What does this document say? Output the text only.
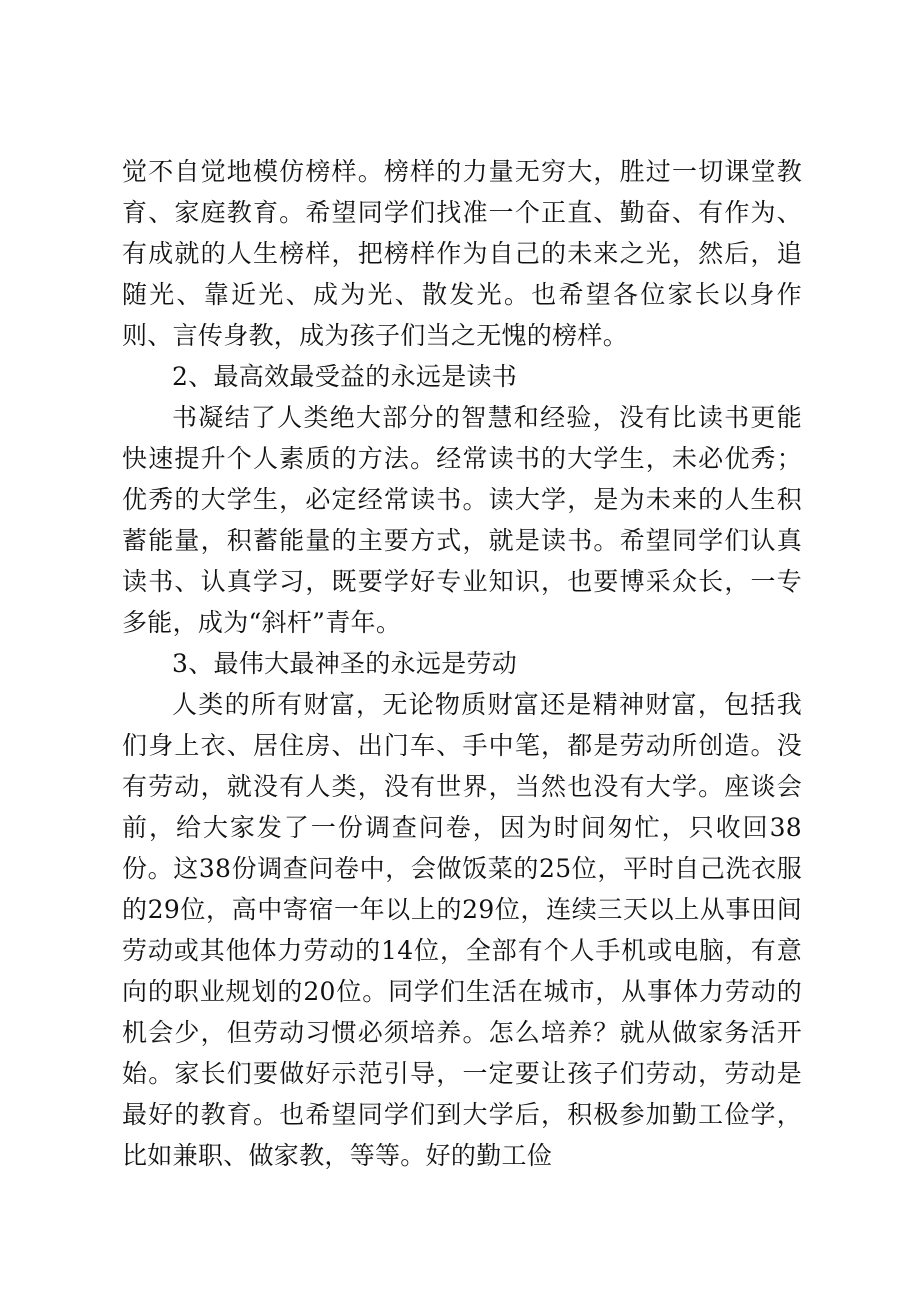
觉不自觉地模仿榜样。榜样的力量无穷大，胜过一切课堂教育、家庭教育。希望同学们找准一个正直、勤奋、有作为、有成就的人生榜样，把榜样作为自己的未来之光，然后，追随光、靠近光、成为光、散发光。也希望各位家长以身作则、言传身教，成为孩子们当之无愧的榜样。

2、最高效最受益的永远是读书

书凝结了人类绝大部分的智慧和经验，没有比读书更能快速提升个人素质的方法。经常读书的大学生，未必优秀；优秀的大学生，必定经常读书。读大学，是为未来的人生积蓄能量，积蓄能量的主要方式，就是读书。希望同学们认真读书、认真学习，既要学好专业知识，也要博采众长，一专多能，成为“斜杆”青年。

3、最伟大最神圣的永远是劳动

人类的所有财富，无论物质财富还是精神财富，包括我们身上衣、居住房、出门车、手中笔，都是劳动所创造。没有劳动，就没有人类，没有世界，当然也没有大学。座谈会前，给大家发了一份调查问卷，因为时间匆忙，只收回38份。这38份调查问卷中，会做饭菜的25位，平时自己洗衣服的29位，高中寄宿一年以上的29位，连续三天以上从事田间劳动或其他体力劳动的14位，全部有个人手机或电脑，有意向的职业规划的20位。同学们生活在城市，从事体力劳动的机会少，但劳动习惯必须培养。怎么培养？就从做家务活开始。家长们要做好示范引导，一定要让孩子们劳动，劳动是最好的教育。也希望同学们到大学后，积极参加勤工俭学，比如兼职、做家教，等等。好的勤工俭
